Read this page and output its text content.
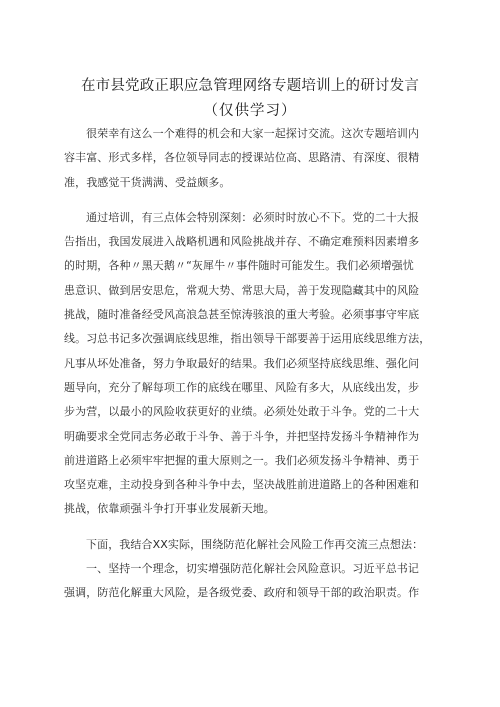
在市县党政正职应急管理网络专题培训上的研讨发言
（仅供学习）
很荣幸有这么一个难得的机会和大家一起探讨交流。这次专题培训内
容丰富、形式多样，各位领导同志的授课站位高、思路清、有深度、很精
准，我感觉干货满满、受益颇多。
通过培训，有三点体会特别深刻：必须时时放心不下。党的二十大报
告指出，我国发展进入战略机遇和风险挑战并存、不确定难预料因素增多
的时期，各种〃黑天鹅〃“灰犀牛〃事件随时可能发生。我们必须增强忧
患意识、做到居安思危，常观大势、常思大局，善于发现隐藏其中的风险
挑战，随时准备经受风高浪急甚至惊涛骇浪的重大考验。必须事事守牢底
线。习总书记多次强调底线思维，指出领导干部要善于运用底线思维方法，
凡事从坏处准备，努力争取最好的结果。我们必须坚持底线思维、强化问
题导向，充分了解每项工作的底线在哪里、风险有多大，从底线出发，步
步为营，以最小的风险收获更好的业绩。必须处处敢于斗争。党的二十大
明确要求全党同志务必敢于斗争、善于斗争，并把坚持发扬斗争精神作为
前进道路上必须牢牢把握的重大原则之一。我们必须发扬斗争精神、勇于
攻坚克难，主动投身到各种斗争中去，坚决战胜前进道路上的各种困难和
挑战，依靠顽强斗争打开事业发展新天地。
下面，我结合XX实际，围绕防范化解社会风险工作再交流三点想法：
一、坚持一个理念，切实增强防范化解社会风险意识。习近平总书记
强调，防范化解重大风险，是各级党委、政府和领导干部的政治职责。作
